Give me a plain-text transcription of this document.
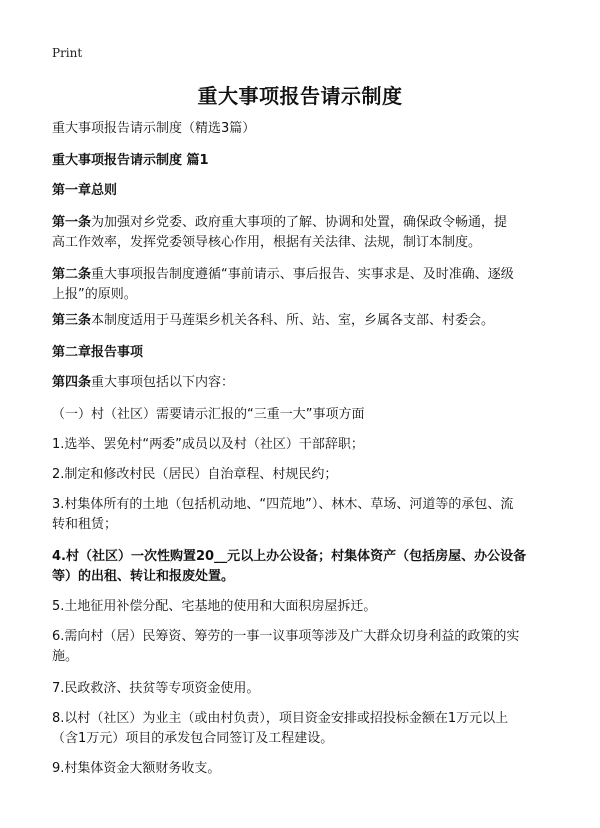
Print
重大事项报告请示制度
重大事项报告请示制度（精选3篇）
重大事项报告请示制度 篇1
第一章总则
第一条为加强对乡党委、政府重大事项的了解、协调和处置，确保政令畅通，提
高工作效率，发挥党委领导核心作用，根据有关法律、法规，制订本制度。
第二条重大事项报告制度遵循“事前请示、事后报告、实事求是、及时准确、逐级
上报”的原则。
第三条本制度适用于马莲渠乡机关各科、所、站、室，乡属各支部、村委会。
第二章报告事项
第四条重大事项包括以下内容：
（一）村（社区）需要请示汇报的“三重一大”事项方面
1.选举、罢免村“两委”成员以及村（社区）干部辞职；
2.制定和修改村民（居民）自治章程、村规民约；
3.村集体所有的土地（包括机动地、“四荒地”）、林木、草场、河道等的承包、流
转和租赁；
4.村（社区）一次性购置20__元以上办公设备；村集体资产（包括房屋、办公设备
等）的出租、转让和报废处置。
5.土地征用补偿分配、宅基地的使用和大面积房屋拆迁。
6.需向村（居）民筹资、筹劳的一事一议事项等涉及广大群众切身利益的政策的实
施。
7.民政救济、扶贫等专项资金使用。
8.以村（社区）为业主（或由村负责），项目资金安排或招投标金额在1万元以上
（含1万元）项目的承发包合同签订及工程建设。
9.村集体资金大额财务收支。
